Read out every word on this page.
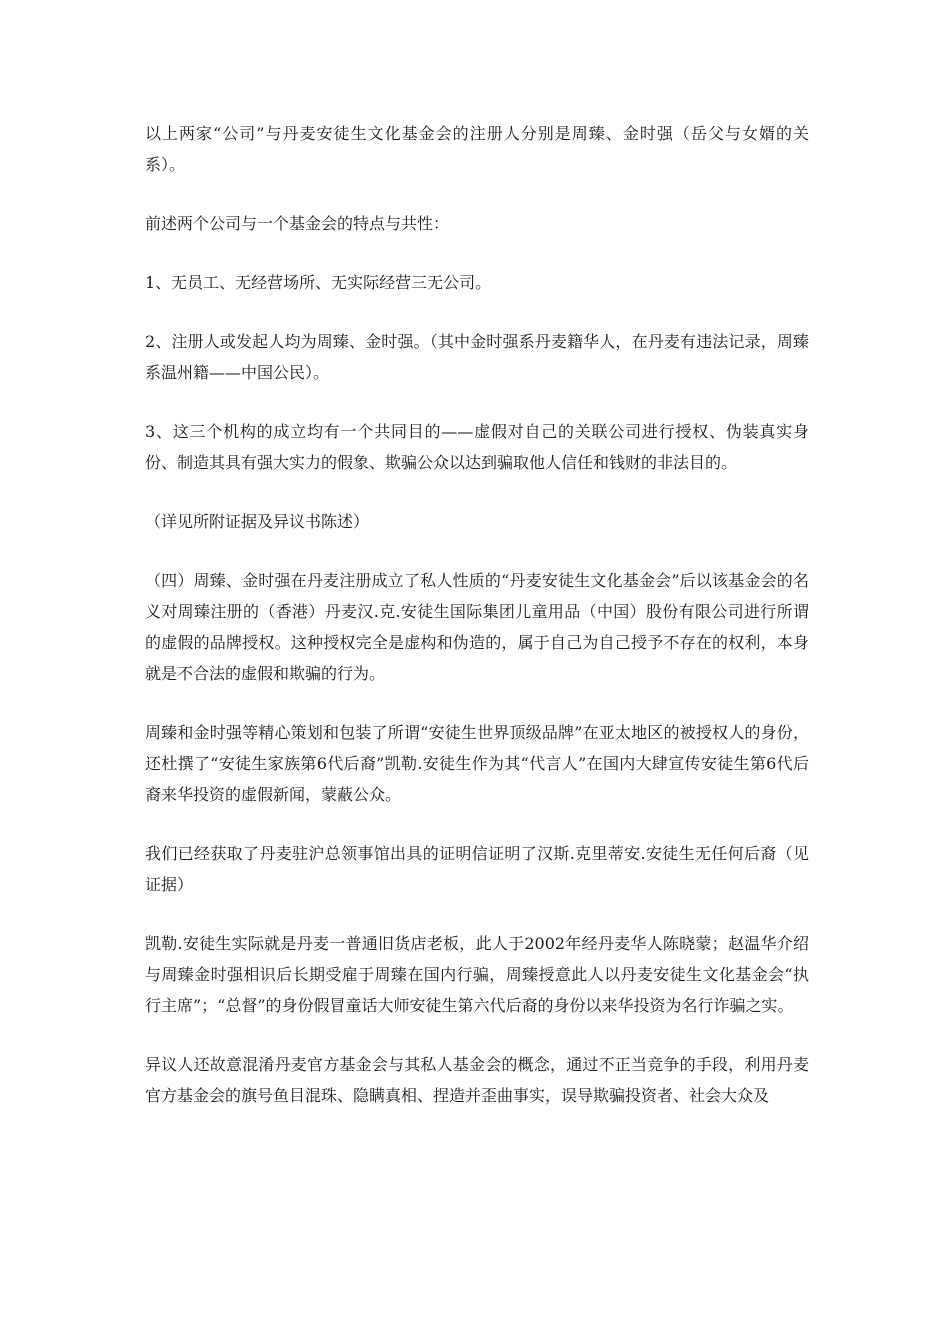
以上两家“公司”与丹麦安徒生文化基金会的注册人分别是周臻、金时强（岳父与女婿的关系）。

前述两个公司与一个基金会的特点与共性：

1、无员工、无经营场所、无实际经营三无公司。

2、注册人或发起人均为周臻、金时强。（其中金时强系丹麦籍华人，在丹麦有违法记录，周臻系温州籍——中国公民）。

3、这三个机构的成立均有一个共同目的——虚假对自己的关联公司进行授权、伪装真实身份、制造其具有强大实力的假象、欺骗公众以达到骗取他人信任和钱财的非法目的。

（详见所附证据及异议书陈述）

（四）周臻、金时强在丹麦注册成立了私人性质的“丹麦安徒生文化基金会”后以该基金会的名义对周臻注册的（香港）丹麦汉.克.安徒生国际集团儿童用品（中国）股份有限公司进行所谓的虚假的品牌授权。这种授权完全是虚构和伪造的，属于自己为自己授予不存在的权利，本身就是不合法的虚假和欺骗的行为。

周臻和金时强等精心策划和包装了所谓“安徒生世界顶级品牌”在亚太地区的被授权人的身份，还杜撰了“安徒生家族第6代后裔”凯勒.安徒生作为其“代言人”在国内大肆宣传安徒生第6代后裔来华投资的虚假新闻，蒙蔽公众。

我们已经获取了丹麦驻沪总领事馆出具的证明信证明了汉斯.克里蒂安.安徒生无任何后裔（见证据）

凯勒.安徒生实际就是丹麦一普通旧货店老板，此人于2002年经丹麦华人陈晓蒙；赵温华介绍与周臻金时强相识后长期受雇于周臻在国内行骗，周臻授意此人以丹麦安徒生文化基金会“执行主席”；“总督”的身份假冒童话大师安徒生第六代后裔的身份以来华投资为名行诈骗之实。

异议人还故意混淆丹麦官方基金会与其私人基金会的概念，通过不正当竞争的手段，利用丹麦官方基金会的旗号鱼目混珠、隐瞒真相、捏造并歪曲事实，误导欺骗投资者、社会大众及
